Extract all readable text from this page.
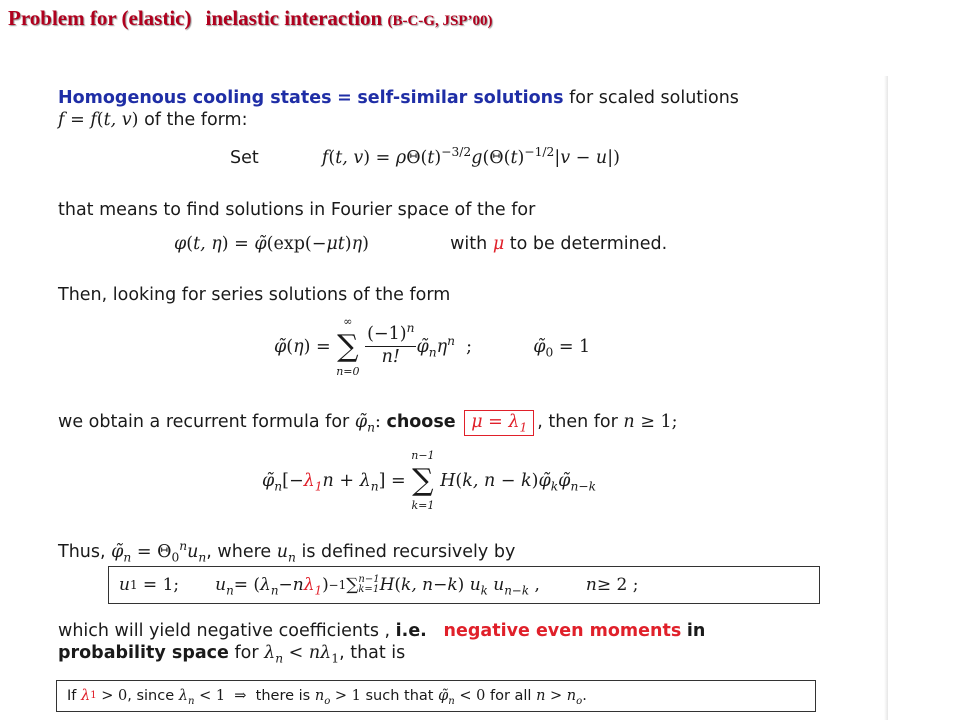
Problem for (elastic) inelastic interaction (B-C-G, JSP’00)
Homogenous cooling states = self-similar solutions for scaled solutions
f = f(t, v) of the form:
Set	f(t, $v) = \rho\Theta(t)^{-3/2}g(\Theta(t)^{-1/2}|v - u|)$
that means to find solutions in Fourier space of the for
φ(t, η) = φ̃(exp(−μt)η)	with μ to be determined.
Then, looking for series solutions of the form
φ̃(η) =
∞
∑
n=0

$\frac{(-1)^n}{n!}$ $\varphĩ_n\eta^n$  ;	$\varphĩ_0 = 1$
we obtain a recurrent formula for $\varphĩ_n$: choose $\mu = \lambda_1$ , then for n ≥ 1;
$\varphĩ_n[-\lambda_1n + \lambda_n]$ =
n−1
∑
k=1
H(k, $n - k)\varphĩ_k\varphĩ_{n-k}$
Thus, $\varphĩ_n = \Theta_0^nu_n$, where $u_n$ is defined recursively by
u 1 = 1; $u_n$ = ( $\lambda_n - n$ $\lambda_1$ ) −1 ∑ n−1
k=1 H ( k, n − k ) $u_k$ $u_{n-k}$ ,	n ≥ 2 ;
which will yield negative coefficients , i.e. negative even moments in
probability space for $\lambda_n < n\lambda_1$, that is
If
λ 1 > 0 , since
$\lambda_n < 1$  ⇒ there is
$n_o > 1$ such that
$\varphĩ_n < 0$ for all
$n > n_o$ .
